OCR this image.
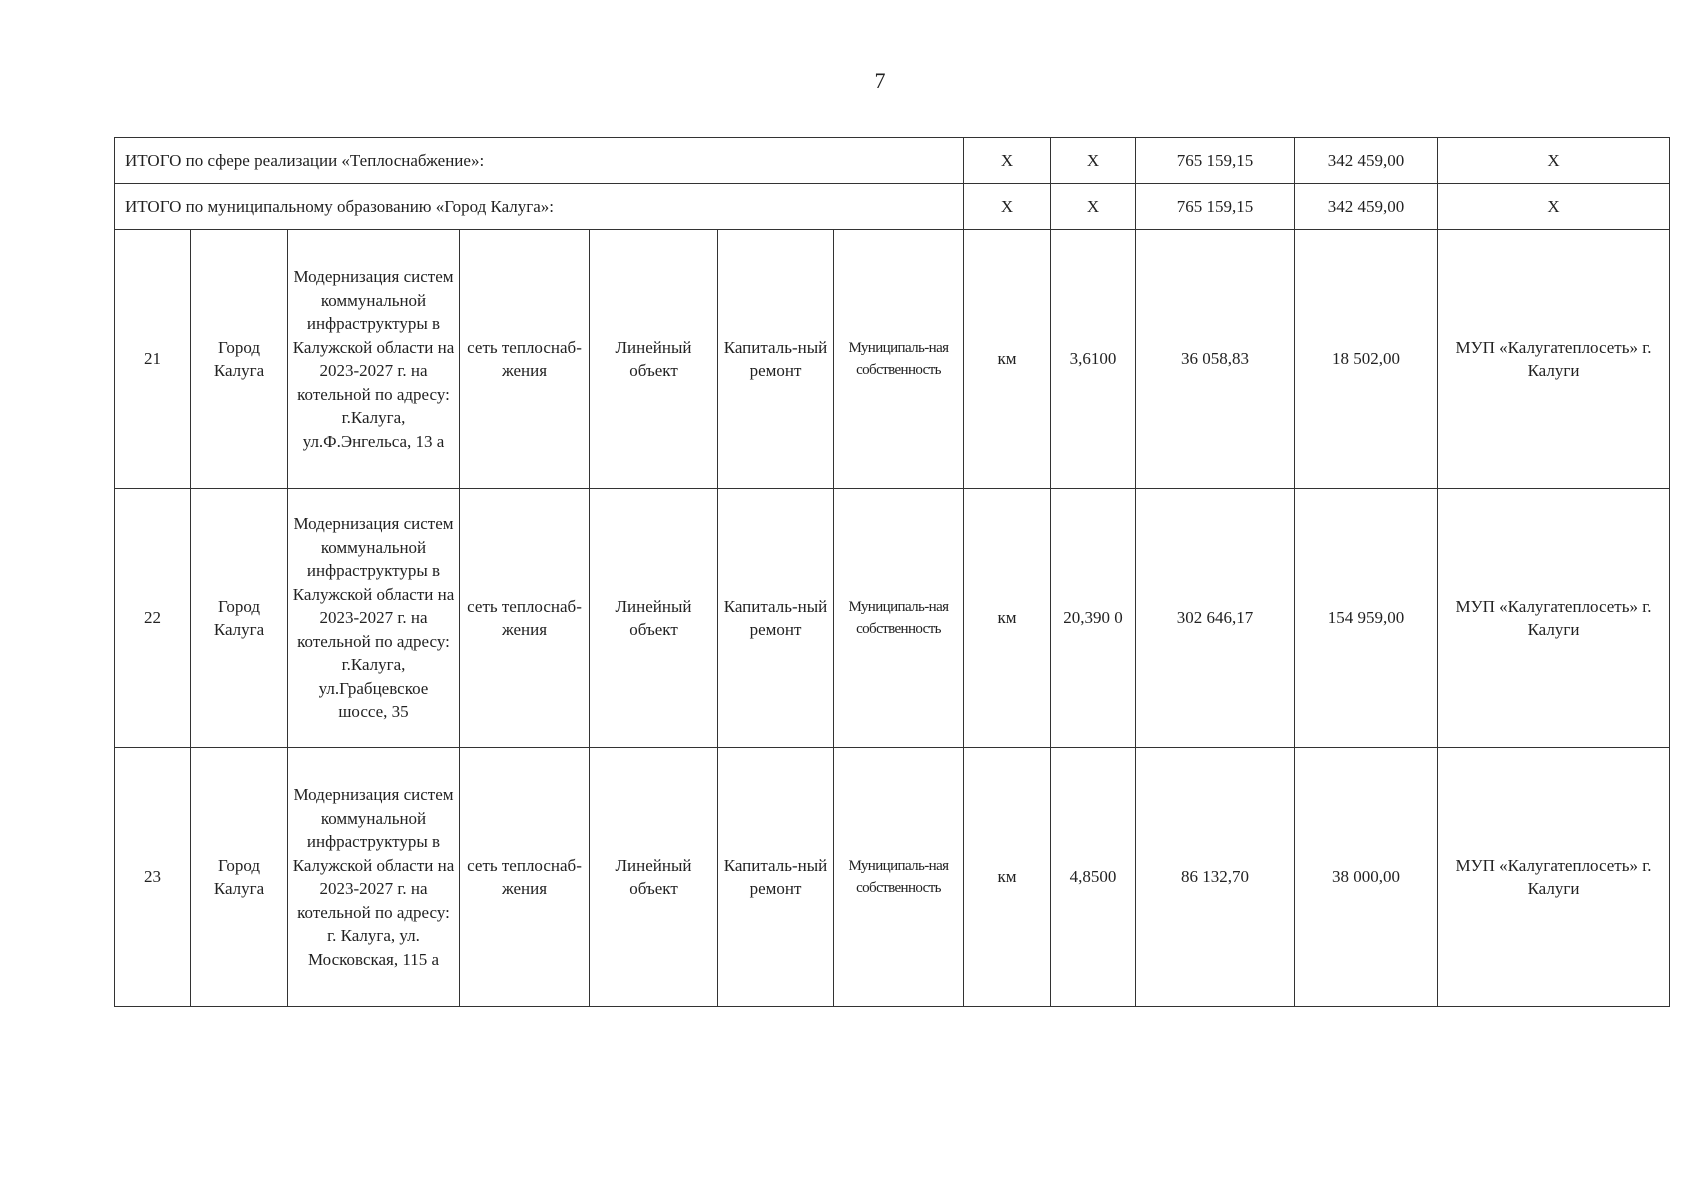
7
ИТОГО по сфере реализации «Теплоснабжение»:							X	X	765 159,15	342 459,00	X
ИТОГО по муниципальному образованию «Город Калуга»:							X	X	765 159,15	342 459,00	X
21	Город Калуга	Модернизация систем коммунальной инфраструктуры в Калужской области на 2023-2027 г. на котельной по адресу: г.Калуга, ул.Ф.Энгельса, 13 а	сеть теплоснаб-жения	Линейный объект	Капиталь-ный ремонт	Муниципаль-ная собственность	км	3,6100	36 058,83	18 502,00	МУП «Калугатеплосеть» г. Калуги
22	Город Калуга	Модернизация систем коммунальной инфраструктуры в Калужской области на 2023-2027 г. на котельной по адресу: г.Калуга, ул.Грабцевское шоссе, 35	сеть теплоснаб-жения	Линейный объект	Капиталь-ный ремонт	Муниципаль-ная собственность	км	20,390 0	302 646,17	154 959,00	МУП «Калугатеплосеть» г. Калуги
23	Город Калуга	Модернизация систем коммунальной инфраструктуры в Калужской области на 2023-2027 г. на котельной по адресу: г. Калуга, ул. Московская, 115 а	сеть теплоснаб-жения	Линейный объект	Капиталь-ный ремонт	Муниципаль-ная собственность	км	4,8500	86 132,70	38 000,00	МУП «Калугатеплосеть» г. Калуги
